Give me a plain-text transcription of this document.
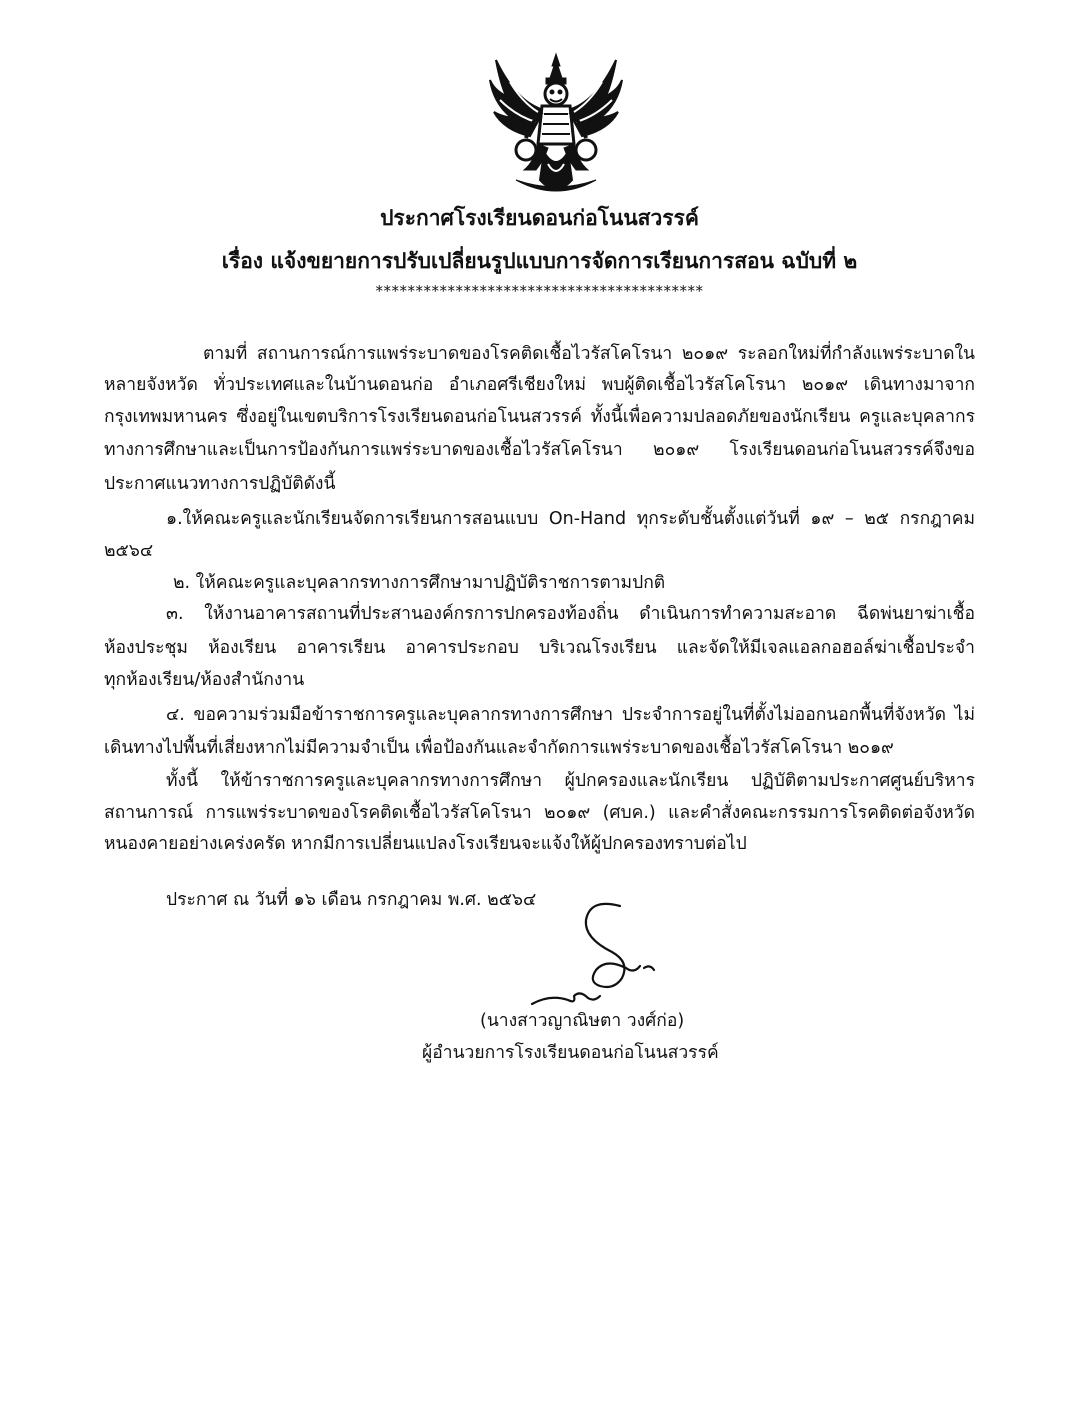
ประกาศโรงเรียนดอนก่อโนนสวรรค์
เรื่อง แจ้งขยายการปรับเปลี่ยนรูปแบบการจัดการเรียนการสอน ฉบับที่ ๒
*****************************************
ตามที่ สถานการณ์การแพร่ระบาดของโรคติดเชื้อไวรัสโคโรนา ๒๐๑๙ ระลอกใหม่ที่กำลังแพร่ระบาดใน
หลายจังหวัด ทั่วประเทศและในบ้านดอนก่อ อำเภอศรีเชียงใหม่ พบผู้ติดเชื้อไวรัสโคโรนา ๒๐๑๙ เดินทางมาจาก
กรุงเทพมหานคร ซึ่งอยู่ในเขตบริการโรงเรียนดอนก่อโนนสวรรค์ ทั้งนี้เพื่อความปลอดภัยของนักเรียน ครูและบุคลากร
ทางการศึกษาและเป็นการป้องกันการแพร่ระบาดของเชื้อไวรัสโคโรนา ๒๐๑๙ โรงเรียนดอนก่อโนนสวรรค์จึงขอ
ประกาศแนวทางการปฏิบัติดังนี้
๑.ให้คณะครูและนักเรียนจัดการเรียนการสอนแบบ On-Hand ทุกระดับชั้นตั้งแต่วันที่ ๑๙ – ๒๕ กรกฎาคม
๒๕๖๔
๒. ให้คณะครูและบุคลากรทางการศึกษามาปฏิบัติราชการตามปกติ
๓. ให้งานอาคารสถานที่ประสานองค์กรการปกครองท้องถิ่น ดำเนินการทำความสะอาด ฉีดพ่นยาฆ่าเชื้อ
ห้องประชุม ห้องเรียน อาคารเรียน อาคารประกอบ บริเวณโรงเรียน และจัดให้มีเจลแอลกอฮอล์ฆ่าเชื้อประจำ
ทุกห้องเรียน/ห้องสำนักงาน
๔. ขอความร่วมมือข้าราชการครูและบุคลากรทางการศึกษา ประจำการอยู่ในที่ตั้งไม่ออกนอกพื้นที่จังหวัด ไม่
เดินทางไปพื้นที่เสี่ยงหากไม่มีความจำเป็น เพื่อป้องกันและจำกัดการแพร่ระบาดของเชื้อไวรัสโคโรนา ๒๐๑๙
ทั้งนี้ ให้ข้าราชการครูและบุคลากรทางการศึกษา ผู้ปกครองและนักเรียน ปฏิบัติตามประกาศศูนย์บริหาร
สถานการณ์ การแพร่ระบาดของโรคติดเชื้อไวรัสโคโรนา ๒๐๑๙ (ศบค.) และคำสั่งคณะกรรมการโรคติดต่อจังหวัด
หนองคายอย่างเคร่งครัด หากมีการเปลี่ยนแปลงโรงเรียนจะแจ้งให้ผู้ปกครองทราบต่อไป
ประกาศ ณ วันที่ ๑๖ เดือน กรกฎาคม พ.ศ. ๒๕๖๔
(นางสาวญาณิษตา วงศ์ก่อ)
ผู้อำนวยการโรงเรียนดอนก่อโนนสวรรค์
